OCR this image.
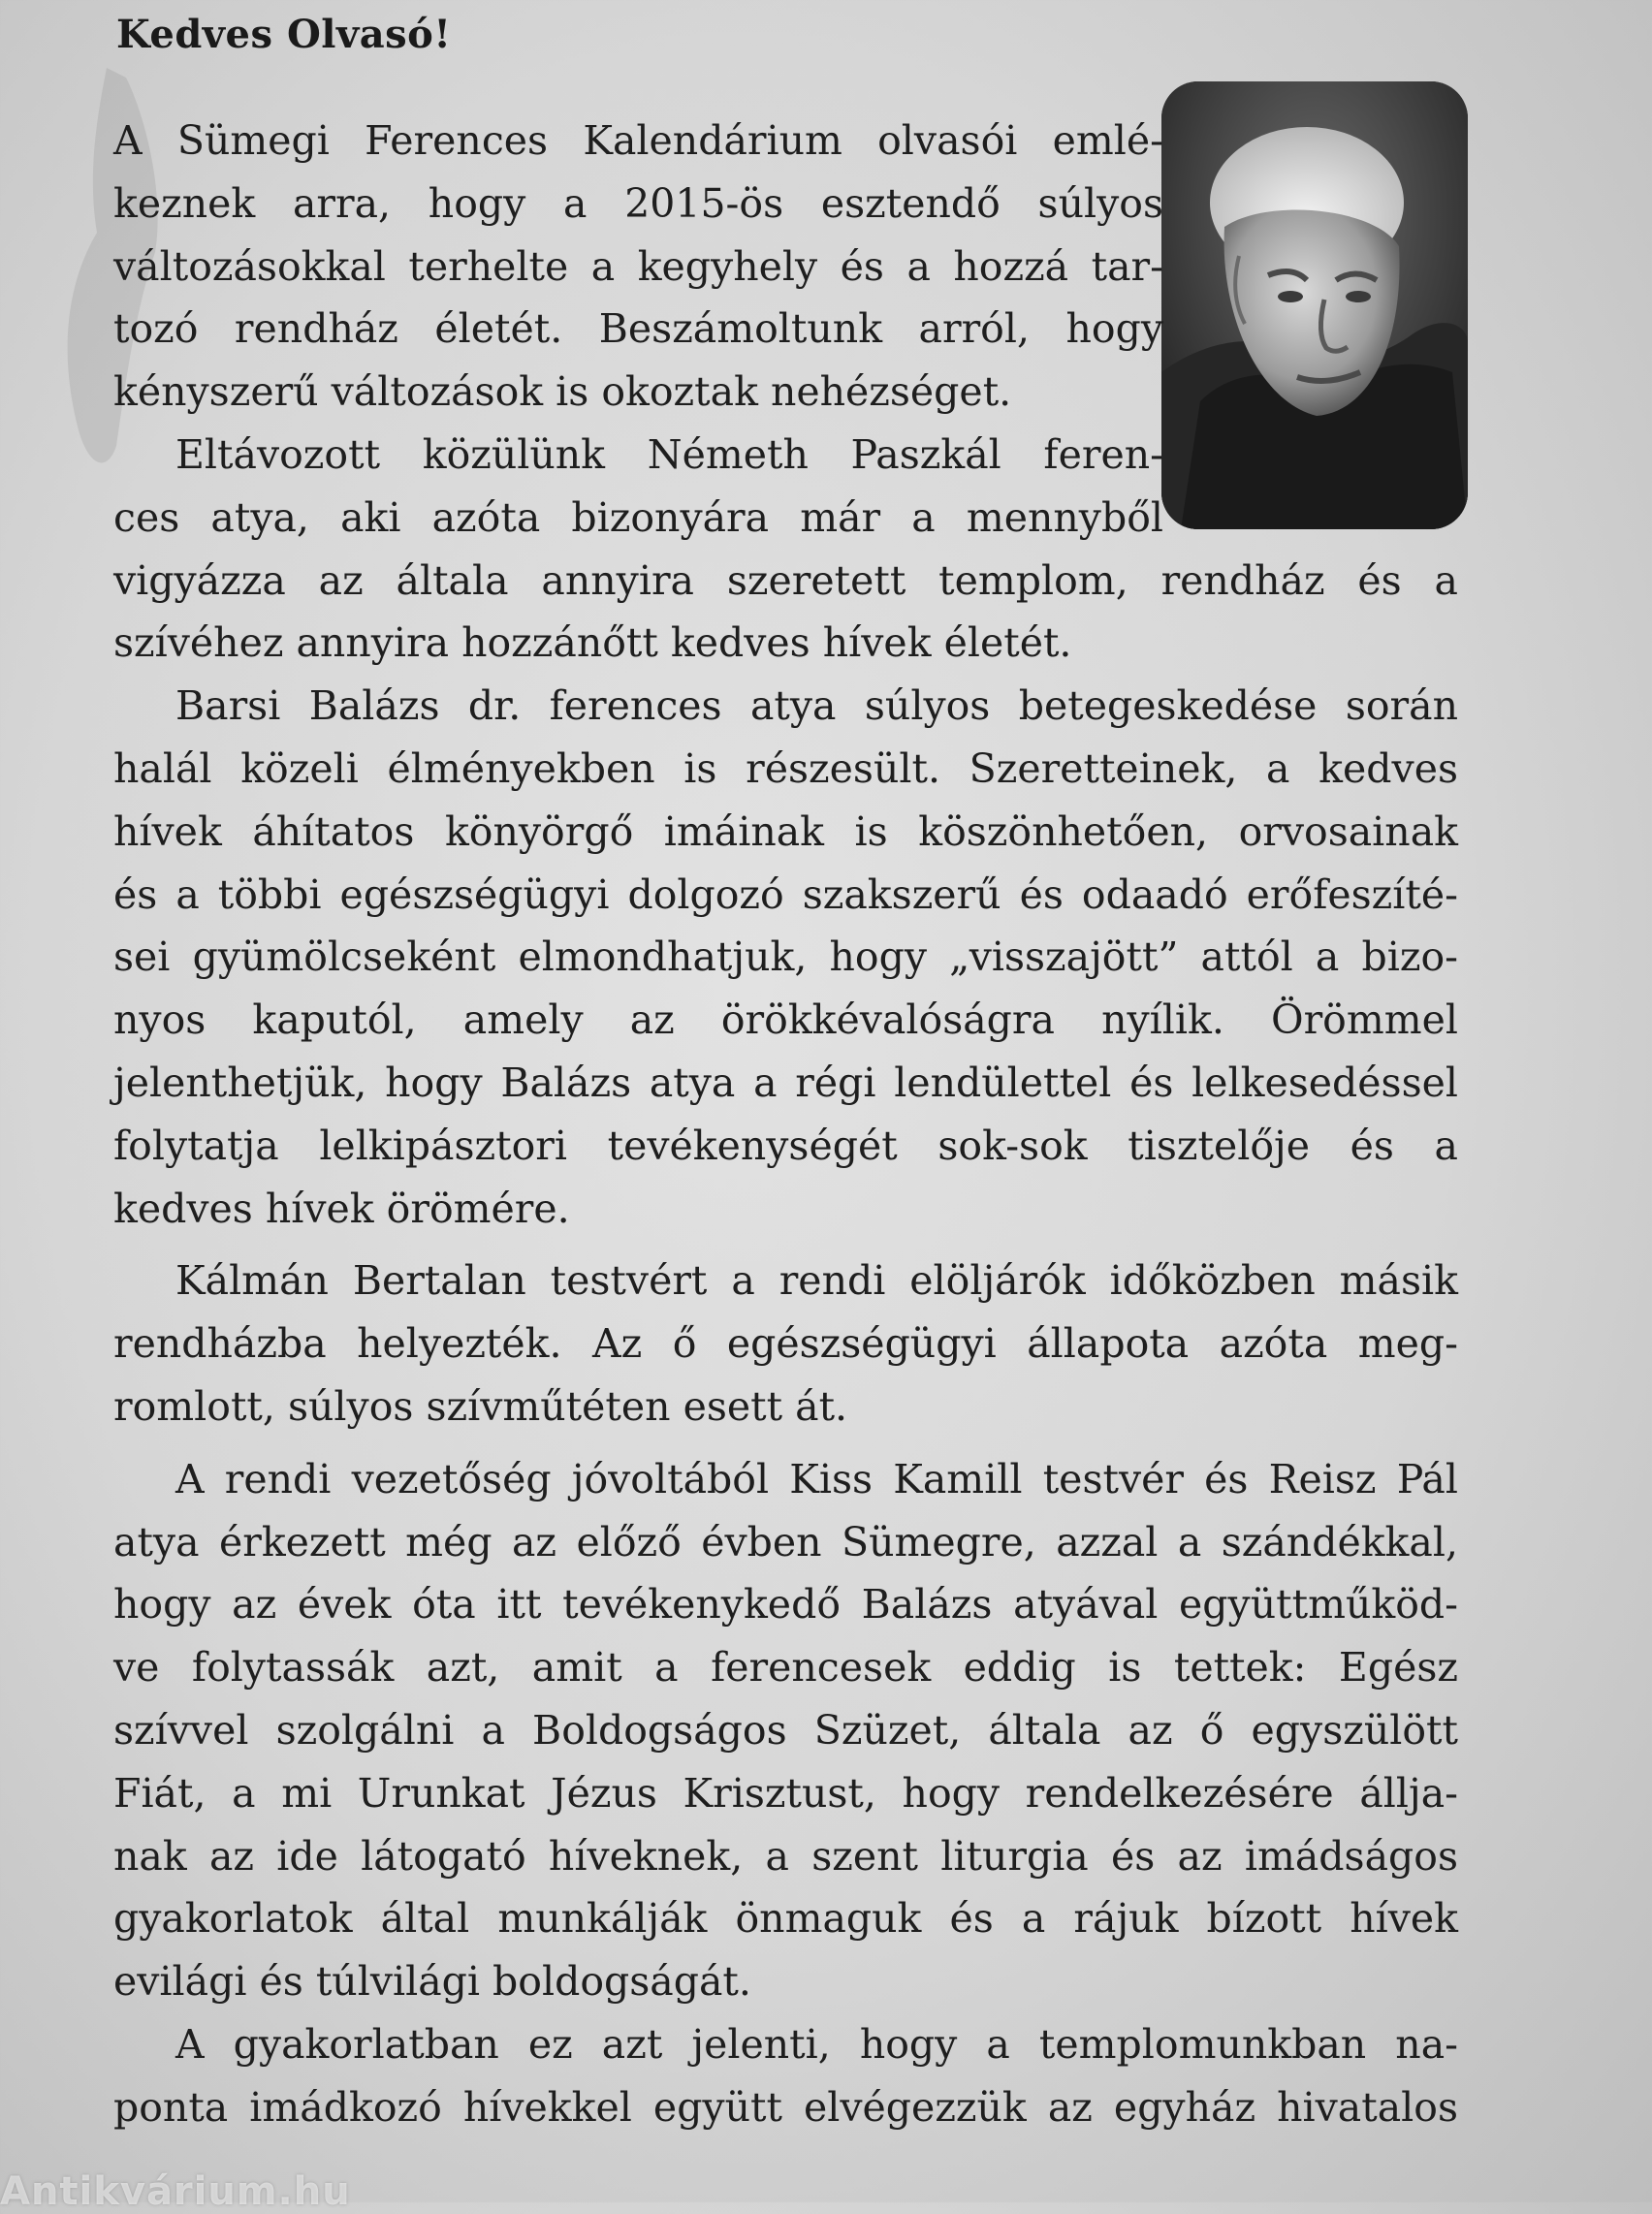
Kedves Olvasó!
A Sümegi Ferences Kalendárium olvasói emlé-
keznek arra, hogy a 2015-ös esztendő súlyos
változásokkal terhelte a kegyhely és a hozzá tar-
tozó rendház életét. Beszámoltunk arról, hogy
kényszerű változások is okoztak nehézséget.
Eltávozott közülünk Németh Paszkál feren-
ces atya, aki azóta bizonyára már a mennyből
vigyázza az általa annyira szeretett templom, rendház és a
szívéhez annyira hozzánőtt kedves hívek életét.
Barsi Balázs dr. ferences atya súlyos betegeskedése során
halál közeli élményekben is részesült. Szeretteinek, a kedves
hívek áhítatos könyörgő imáinak is köszönhetően, orvosainak
és a többi egészségügyi dolgozó szakszerű és odaadó erőfeszíté-
sei gyümölcseként elmondhatjuk, hogy „visszajött” attól a bizo-
nyos kaputól, amely az örökkévalóságra nyílik. Örömmel
jelenthetjük, hogy Balázs atya a régi lendülettel és lelkesedéssel
folytatja lelkipásztori tevékenységét sok-sok tisztelője és a
kedves hívek örömére.
Kálmán Bertalan testvért a rendi elöljárók időközben másik
rendházba helyezték. Az ő egészségügyi állapota azóta meg-
romlott, súlyos szívműtéten esett át.
A rendi vezetőség jóvoltából Kiss Kamill testvér és Reisz Pál
atya érkezett még az előző évben Sümegre, azzal a szándékkal,
hogy az évek óta itt tevékenykedő Balázs atyával együttműköd-
ve folytassák azt, amit a ferencesek eddig is tettek: Egész
szívvel szolgálni a Boldogságos Szüzet, általa az ő egyszülött
Fiát, a mi Urunkat Jézus Krisztust, hogy rendelkezésére állja-
nak az ide látogató híveknek, a szent liturgia és az imádságos
gyakorlatok által munkálják önmaguk és a rájuk bízott hívek
evilági és túlvilági boldogságát.
A gyakorlatban ez azt jelenti, hogy a templomunkban na-
ponta imádkozó hívekkel együtt elvégezzük az egyház hivatalos
Antikvárium.hu
